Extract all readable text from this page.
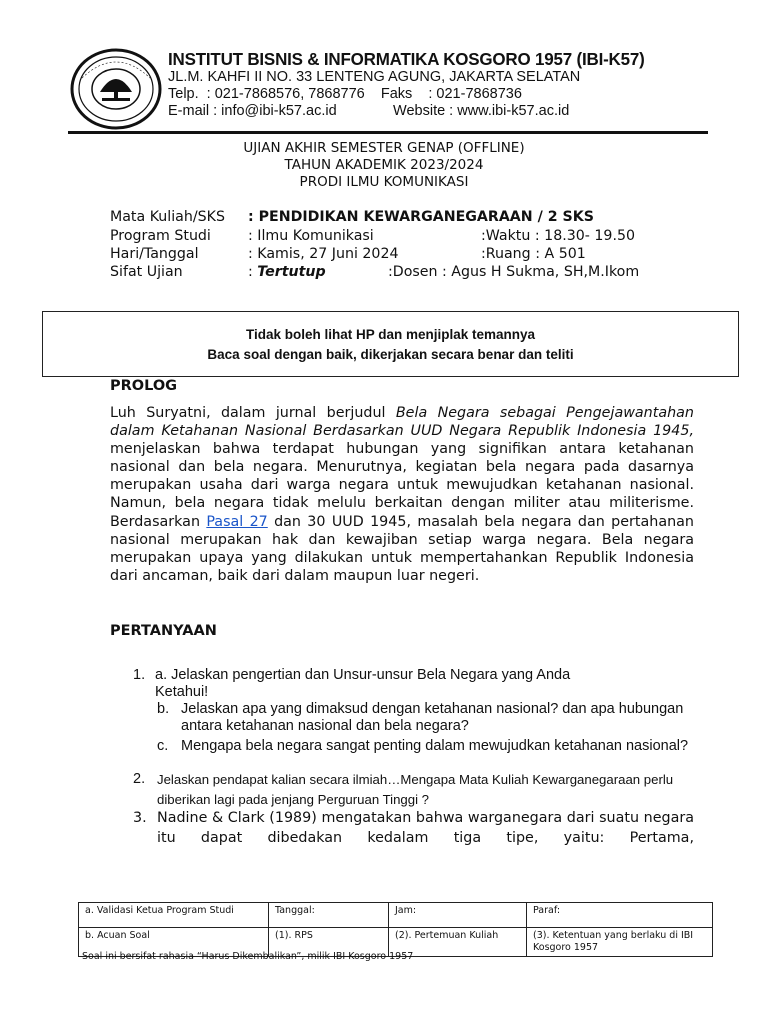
INSTITUT BISNIS & INFORMATIKA KOSGORO 1957 (IBI-K57)
JL.M. KAHFI II NO. 33 LENTENG AGUNG, JAKARTA SELATAN
Telp.  : 021-7868576, 7868776    Faks    : 021-7868736
E-mail : info@ibi-k57.ac.id              Website : www.ibi-k57.ac.id
UJIAN AKHIR SEMESTER GENAP (OFFLINE)
TAHUN AKADEMIK 2023/2024
PRODI ILMU KOMUNIKASI
Mata Kuliah/SKS : PENDIDIKAN KEWARGANEGARAAN / 2 SKS
Program Studi	: Ilmu Komunikasi	:Waktu : 18.30- 19.50
Hari/Tanggal	: Kamis, 27 Juni 2024	:Ruang : A 501
Sifat Ujian	: Tertutup	:Dosen : Agus H Sukma, SH,M.Ikom
Tidak boleh lihat HP dan menjiplak temannya
Baca soal dengan baik, dikerjakan secara benar dan teliti
PROLOG
Luh Suryatni, dalam jurnal berjudul Bela Negara sebagai Pengejawantahan dalam Ketahanan Nasional Berdasarkan UUD Negara Republik Indonesia 1945, menjelaskan bahwa terdapat hubungan yang signifikan antara ketahanan nasional dan bela negara. Menurutnya, kegiatan bela negara pada dasarnya merupakan usaha dari warga negara untuk mewujudkan ketahanan nasional. Namun, bela negara tidak melulu berkaitan dengan militer atau militerisme. Berdasarkan Pasal 27 dan 30 UUD 1945, masalah bela negara dan pertahanan nasional merupakan hak dan kewajiban setiap warga negara. Bela negara merupakan upaya yang dilakukan untuk mempertahankan Republik Indonesia dari ancaman, baik dari dalam maupun luar negeri.
PERTANYAAN
1. a. Jelaskan pengertian dan Unsur-unsur Bela Negara yang Anda
Ketahui!
b. Jelaskan apa yang dimaksud dengan ketahanan nasional? dan apa hubungan antara ketahanan nasional dan bela negara?
c. Mengapa bela negara sangat penting dalam mewujudkan ketahanan nasional?
2. Jelaskan pendapat kalian secara ilmiah…Mengapa Mata Kuliah Kewarganegaraan perlu diberikan lagi pada jenjang Perguruan Tinggi ?
3. Nadine & Clark (1989) mengatakan bahwa warganegara dari suatu negara itu dapat dibedakan kedalam tiga tipe, yaitu: Pertama,
a. Validasi Ketua Program Studi	Tanggal:	Jam:	Paraf:
b. Acuan Soal	(1). RPS	(2). Pertemuan Kuliah	(3). Ketentuan yang berlaku di IBI Kosgoro 1957
Soal ini bersifat rahasia “Harus Dikembalikan”, milik IBI Kosgoro 1957
